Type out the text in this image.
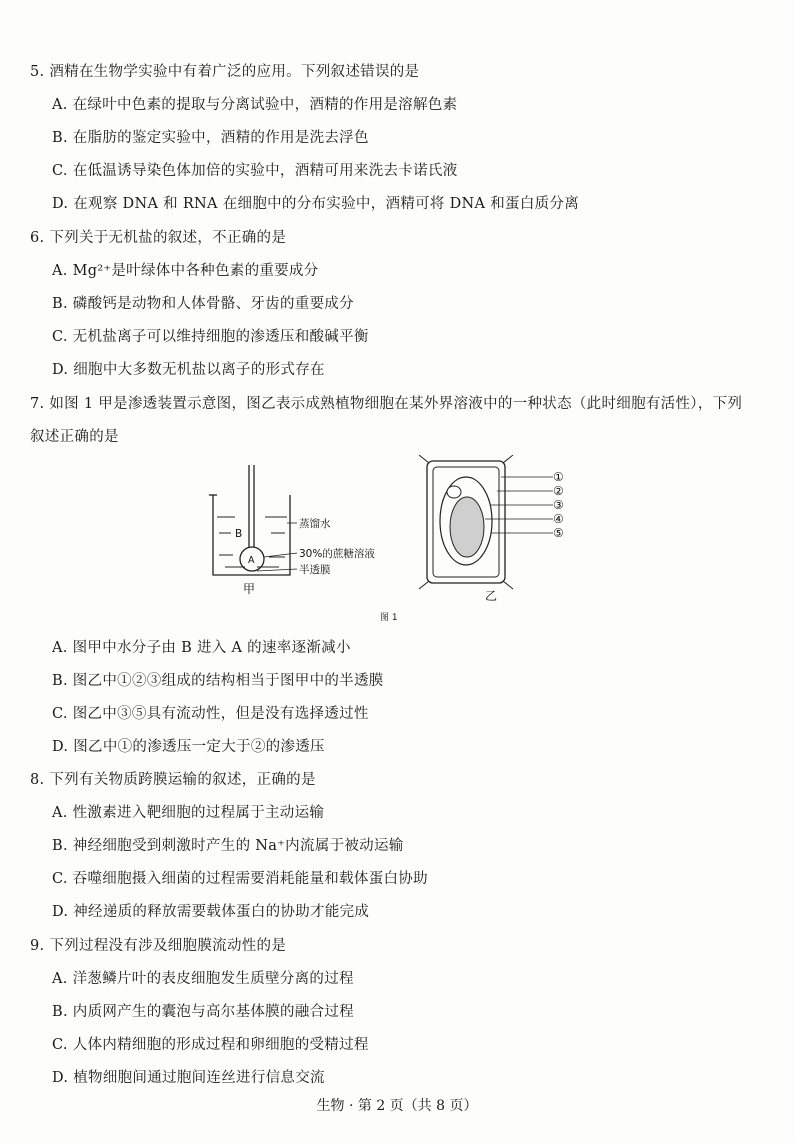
5. 酒精在生物学实验中有着广泛的应用。下列叙述错误的是
A. 在绿叶中色素的提取与分离试验中，酒精的作用是溶解色素
B. 在脂肪的鉴定实验中，酒精的作用是洗去浮色
C. 在低温诱导染色体加倍的实验中，酒精可用来洗去卡诺氏液
D. 在观察 DNA 和 RNA 在细胞中的分布实验中，酒精可将 DNA 和蛋白质分离
6. 下列关于无机盐的叙述，不正确的是
A. Mg²⁺是叶绿体中各种色素的重要成分
B. 磷酸钙是动物和人体骨骼、牙齿的重要成分
C. 无机盐离子可以维持细胞的渗透压和酸碱平衡
D. 细胞中大多数无机盐以离子的形式存在
7. 如图 1 甲是渗透装置示意图，图乙表示成熟植物细胞在某外界溶液中的一种状态（此时细胞有活性），下列
叙述正确的是
B
A
蒸馏水
30%的蔗糖溶液
半透膜
甲
①
②
③
④
⑤
乙
图 1
A. 图甲中水分子由 B 进入 A 的速率逐渐减小
B. 图乙中①②③组成的结构相当于图甲中的半透膜
C. 图乙中③⑤具有流动性，但是没有选择透过性
D. 图乙中①的渗透压一定大于②的渗透压
8. 下列有关物质跨膜运输的叙述，正确的是
A. 性激素进入靶细胞的过程属于主动运输
B. 神经细胞受到刺激时产生的 Na⁺内流属于被动运输
C. 吞噬细胞摄入细菌的过程需要消耗能量和载体蛋白协助
D. 神经递质的释放需要载体蛋白的协助才能完成
9. 下列过程没有涉及细胞膜流动性的是
A. 洋葱鳞片叶的表皮细胞发生质壁分离的过程
B. 内质网产生的囊泡与高尔基体膜的融合过程
C. 人体内精细胞的形成过程和卵细胞的受精过程
D. 植物细胞间通过胞间连丝进行信息交流
生物 · 第 2 页（共 8 页）
